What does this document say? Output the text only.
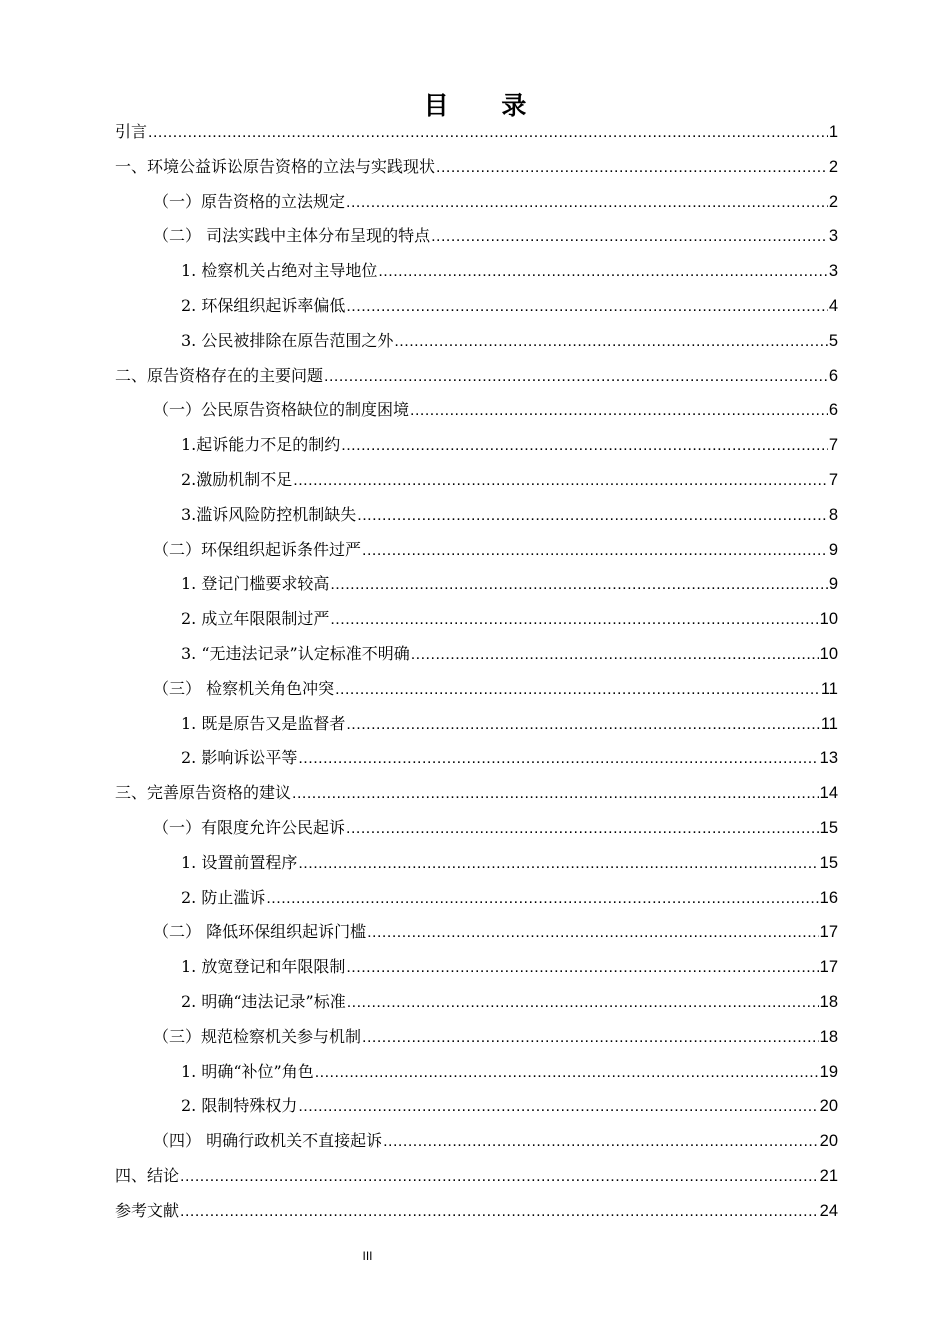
目 录
引言 .....	1
一、环境公益诉讼原告资格的立法与实践现状 .....	2
（一）原告资格的立法规定 .....	2
（二） 司法实践中主体分布呈现的特点 .....	3
1. 检察机关占绝对主导地位 .....	3
2. 环保组织起诉率偏低 .....	4
3. 公民被排除在原告范围之外 .....	5
二、原告资格存在的主要问题 .....	6
（一）公民原告资格缺位的制度困境 .....	6
1.起诉能力不足的制约 .....	7
2.激励机制不足 .....	7
3.滥诉风险防控机制缺失 .....	8
（二）环保组织起诉条件过严 .....	9
1. 登记门槛要求较高 .....	9
2. 成立年限限制过严 .....	10
3. “无违法记录”认定标准不明确 .....	10
（三） 检察机关角色冲突 .....	11
1. 既是原告又是监督者 .....	11
2. 影响诉讼平等 .....	13
三、完善原告资格的建议 .....	14
（一）有限度允许公民起诉 .....	15
1. 设置前置程序 .....	15
2. 防止滥诉 .....	16
（二） 降低环保组织起诉门槛 .....	17
1. 放宽登记和年限限制 .....	17
2. 明确“违法记录”标准 .....	18
（三）规范检察机关参与机制 .....	18
1. 明确“补位”角色 .....	19
2. 限制特殊权力 .....	20
（四） 明确行政机关不直接起诉 .....	20
四、结论 .....	21
参考文献 .....	24
III
